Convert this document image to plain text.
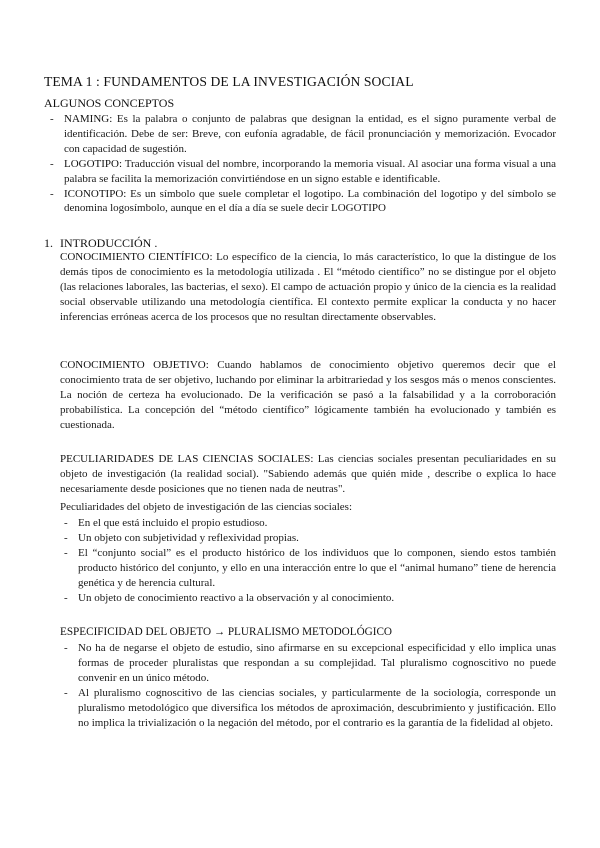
TEMA 1 : FUNDAMENTOS DE LA INVESTIGACIÓN SOCIAL
ALGUNOS CONCEPTOS
- NAMING: Es la palabra o conjunto de palabras que designan la entidad, es el signo puramente verbal de identificación. Debe de ser: Breve, con eufonía agradable, de fácil pronunciación y memorización. Evocador con capacidad de sugestión.
- LOGOTIPO: Traducción visual del nombre, incorporando la memoria visual. Al asociar una forma visual a una palabra se facilita la memorización convirtiéndose en un signo estable e identificable.
- ICONOTIPO: Es un símbolo que suele completar el logotipo. La combinación del logotipo y del símbolo se denomina logosímbolo, aunque en el día a día se suele decir LOGOTIPO
1. INTRODUCCIÓN .
CONOCIMIENTO CIENTÍFICO: Lo específico de la ciencia, lo más característico, lo que la distingue de los demás tipos de conocimiento es la metodología utilizada . El “método científico” no se distingue por el objeto (las relaciones laborales, las bacterias, el sexo). El campo de actuación propio y único de la ciencia es la realidad social observable utilizando una metodología científica. El contexto permite explicar la conducta y no hacer inferencias erróneas acerca de los procesos que no resultan directamente observables.
CONOCIMIENTO OBJETIVO: Cuando hablamos de conocimiento objetivo queremos decir que el conocimiento trata de ser objetivo, luchando por eliminar la arbitrariedad y los sesgos más o menos conscientes. La noción de certeza ha evolucionado. De la verificación se pasó a la falsabilidad y a la corroboración probabilística. La concepción del “método científico” lógicamente también ha evolucionado y también es cuestionada.
PECULIARIDADES DE LAS CIENCIAS SOCIALES: Las ciencias sociales presentan peculiaridades en su objeto de investigación (la realidad social). "Sabiendo además que quién mide , describe o explica lo hace necesariamente desde posiciones que no tienen nada de neutras".
Peculiaridades del objeto de investigación de las ciencias sociales:
- En el que está incluido el propio estudioso.
- Un objeto con subjetividad y reflexividad propias.
- El “conjunto social” es el producto histórico de los individuos que lo componen, siendo estos también producto histórico del conjunto, y ello en una interacción entre lo que el “animal humano” tiene de herencia genética y de herencia cultural.
- Un objeto de conocimiento reactivo a la observación y al conocimiento.
ESPECIFICIDAD DEL OBJETO → PLURALISMO METODOLÓGICO
- No ha de negarse el objeto de estudio, sino afirmarse en su excepcional especificidad y ello implica unas formas de proceder pluralistas que respondan a su complejidad. Tal pluralismo cognoscitivo no puede convenir en un único método.
- Al pluralismo cognoscitivo de las ciencias sociales, y particularmente de la sociología, corresponde un pluralismo metodológico que diversifica los métodos de aproximación, descubrimiento y justificación. Ello no implica la trivialización o la negación del método, por el contrario es la garantía de la fidelidad al objeto.
